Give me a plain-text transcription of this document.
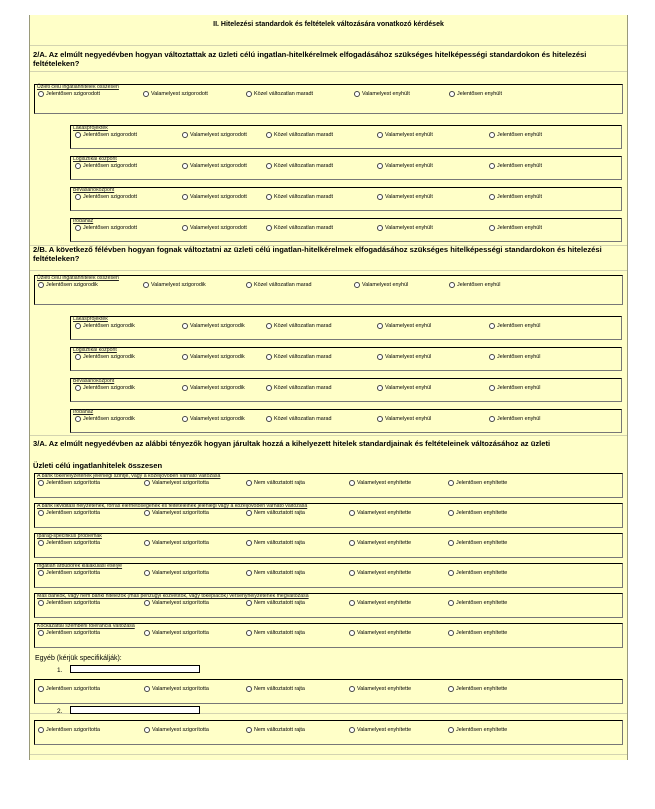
II. Hitelezési standardok és feltételek változására vonatkozó kérdések
2/A. Az elmúlt negyedévben hogyan változtattak az üzleti célú ingatlan-hitelkérelmek elfogadásához szükséges hitelképességi standardokon és hitelezési feltételeken?
Üzleti célú ingatlanhitelek összesen
Jelentősen szigorodott	Valamelyest szigorodott	Közel változatlan maradt	Valamelyest enyhült	Jelentősen enyhült
Lakásprojektek
Jelentősen szigorodott	Valamelyest szigorodott	Közel változatlan maradt	Valamelyest enyhült	Jelentősen enyhült
Logisztikai központ
Jelentősen szigorodott	Valamelyest szigorodott	Közel változatlan maradt	Valamelyest enyhült	Jelentősen enyhült
Bevásárlóközpont
Jelentősen szigorodott	Valamelyest szigorodott	Közel változatlan maradt	Valamelyest enyhült	Jelentősen enyhült
Irodaház
Jelentősen szigorodott	Valamelyest szigorodott	Közel változatlan maradt	Valamelyest enyhült	Jelentősen enyhült
2/B. A következő félévben hogyan fognak változtatni az üzleti célú ingatlan-hitelkérelmek elfogadásához szükséges hitelképességi standardokon és hitelezési feltételeken?
Üzleti célú ingatlanhitelek összesen
Jelentősen szigorodik	Valamelyest szigorodik	Közel változatlan marad	Valamelyest enyhül	Jelentősen enyhül
Lakásprojektek
Jelentősen szigorodik	Valamelyest szigorodik	Közel változatlan marad	Valamelyest enyhül	Jelentősen enyhül
Logisztikai központ
Jelentősen szigorodik	Valamelyest szigorodik	Közel változatlan marad	Valamelyest enyhül	Jelentősen enyhül
Bevásárlóközpont
Jelentősen szigorodik	Valamelyest szigorodik	Közel változatlan marad	Valamelyest enyhül	Jelentősen enyhül
Irodaház
Jelentősen szigorodik	Valamelyest szigorodik	Közel változatlan marad	Valamelyest enyhül	Jelentősen enyhül
3/A. Az elmúlt negyedévben az alábbi tényezők hogyan járultak hozzá a kihelyezett hitelek standardjainak és feltételeinek változásához az üzleti
Üzleti célú ingatlanhitelek összesen
A bank tőkehelyzetének jelenlegi szintje, vagy a közeljövőben várható változása
Jelentősen szigorította	Valamelyest szigorította	Nem változtatott rajta	Valamelyest enyhítette	Jelentősen enyhítette
A bank likviditási helyzetének, forrás elérhetőségének és feltételeinek jelenlegi vagy a közeljövőben várható változása
Jelentősen szigorította	Valamelyest szigorította	Nem változtatott rajta	Valamelyest enyhítette	Jelentősen enyhítette
Iparág-specifikus problémák
Jelentősen szigorította	Valamelyest szigorította	Nem változtatott rajta	Valamelyest enyhítette	Jelentősen enyhítette
Ingatlan árbuborék kialakulási esélye
Jelentősen szigorította	Valamelyest szigorította	Nem változtatott rajta	Valamelyest enyhítette	Jelentősen enyhítette
Más bankok, vagy nem banki hitelezők (más pénzügyi közvetítők, vagy tőkepiacok) versenyhelyzetének megváltozása
Jelentősen szigorította	Valamelyest szigorította	Nem változtatott rajta	Valamelyest enyhítette	Jelentősen enyhítette
Kockázattal szembeni tolerancia változása
Jelentősen szigorította	Valamelyest szigorította	Nem változtatott rajta	Valamelyest enyhítette	Jelentősen enyhítette
Egyéb (kérjük specifikálják):
1.
Jelentősen szigorította	Valamelyest szigorította	Nem változtatott rajta	Valamelyest enyhítette	Jelentősen enyhítette
2.
Jelentősen szigorította	Valamelyest szigorította	Nem változtatott rajta	Valamelyest enyhítette	Jelentősen enyhítette
